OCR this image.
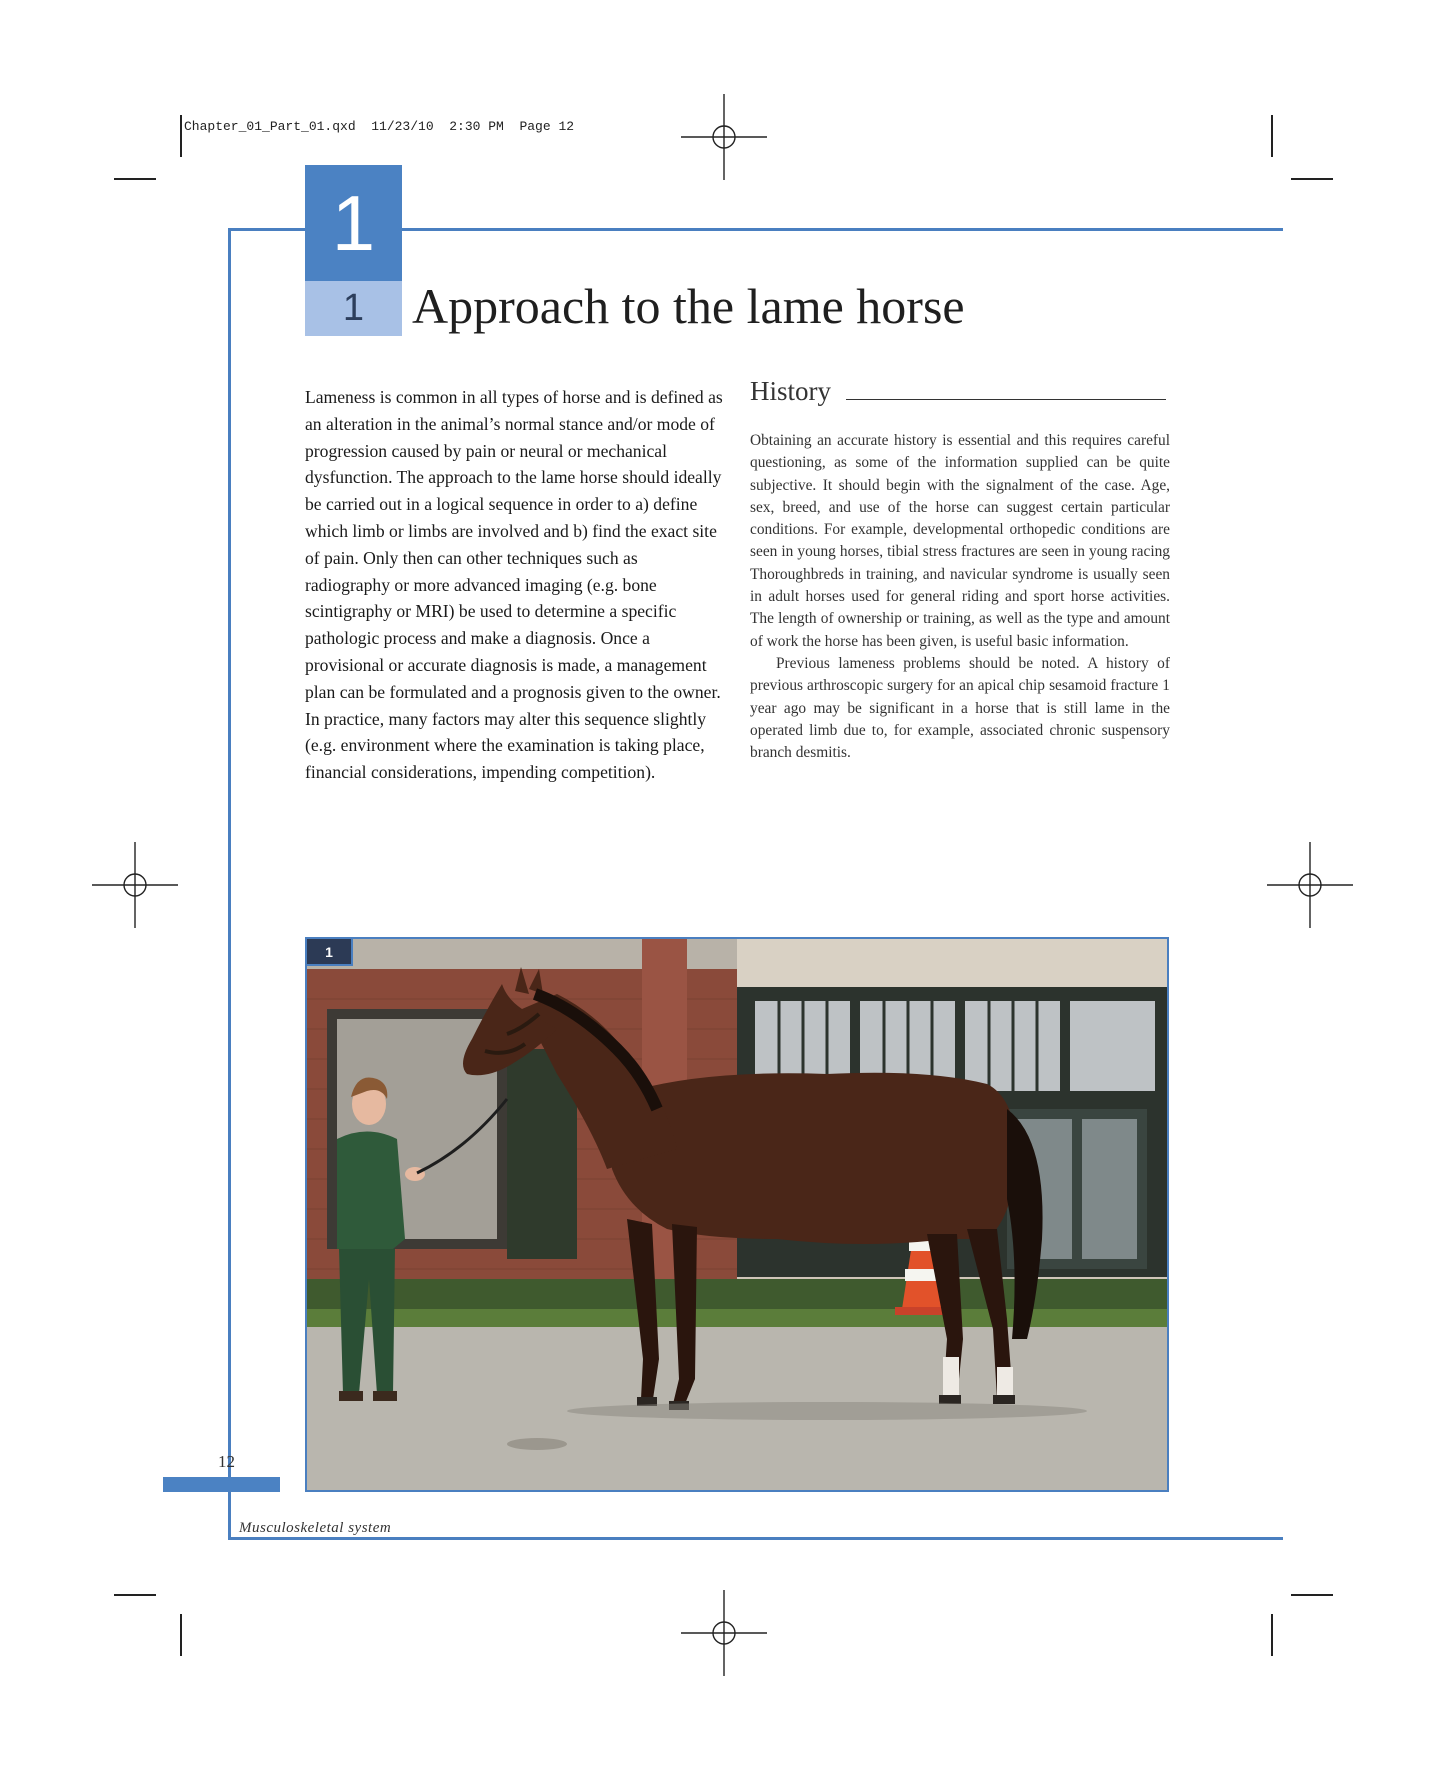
Chapter_01_Part_01.qxd  11/23/10  2:30 PM  Page 12
1
1 Approach to the lame horse

Lameness is common in all types of horse and is defined as an alteration in the animal’s normal stance and/or mode of progression caused by pain or neural or mechanical dysfunction. The approach to the lame horse should ideally be carried out in a logical sequence in order to a) define which limb or limbs are involved and b) find the exact site of pain. Only then can other techniques such as radiography or more advanced imaging (e.g. bone scintigraphy or MRI) be used to determine a specific pathologic process and make a diagnosis. Once a provisional or accurate diagnosis is made, a management plan can be formulated and a prognosis given to the owner. In practice, many factors may alter this sequence slightly (e.g. environment where the examination is taking place, financial considerations, impending competition).

History

Obtaining an accurate history is essential and this requires careful questioning, as some of the information supplied can be quite subjective. It should begin with the signalment of the case. Age, sex, breed, and use of the horse can suggest certain particular conditions. For example, developmental orthopedic conditions are seen in young horses, tibial stress fractures are seen in young racing Thoroughbreds in training, and navicular syndrome is usually seen in adult horses used for general riding and sport horse activities. The length of ownership or training, as well as the type and amount of work the horse has been given, is useful basic information.

Previous lameness problems should be noted. A history of previous arthroscopic surgery for an apical chip sesamoid fracture 1 year ago may be significant in a horse that is still lame in the operated limb due to, for example, associated chronic suspensory branch desmitis.

1
12
Musculoskeletal system
